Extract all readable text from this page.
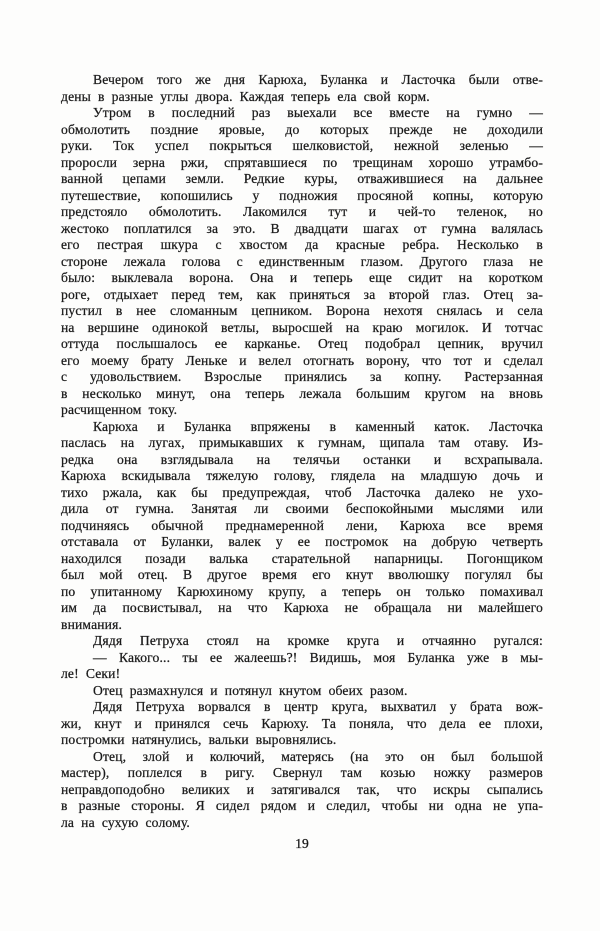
Вечером того же дня Карюха, Буланка и Ласточка были отве-
дены в разные углы двора. Каждая теперь ела свой корм.
Утром в последний раз выехали все вместе на гумно —
обмолотить поздние яровые, до которых прежде не доходили
руки. Ток успел покрыться шелковистой, нежной зеленью —
проросли зерна ржи, спрятавшиеся по трещинам хорошо утрамбо-
ванной цепами земли. Редкие куры, отважившиеся на дальнее
путешествие, копошились у подножия просяной копны, которую
предстояло обмолотить. Лакомился тут и чей-то теленок, но
жестоко поплатился за это. В двадцати шагах от гумна валялась
его пестрая шкура с хвостом да красные ребра. Несколько в
стороне лежала голова с единственным глазом. Другого глаза не
было: выклевала ворона. Она и теперь еще сидит на коротком
роге, отдыхает перед тем, как приняться за второй глаз. Отец за-
пустил в нее сломанным цепником. Ворона нехотя снялась и села
на вершине одинокой ветлы, выросшей на краю могилок. И тотчас
оттуда послышалось ее карканье. Отец подобрал цепник, вручил
его моему брату Леньке и велел отогнать ворону, что тот и сделал
с удовольствием. Взрослые принялись за копну. Растерзанная
в несколько минут, она теперь лежала большим кругом на вновь
расчищенном току.
Карюха и Буланка впряжены в каменный каток. Ласточка
паслась на лугах, примыкавших к гумнам, щипала там отаву. Из-
редка она взглядывала на телячьи останки и всхрапывала.
Карюха вскидывала тяжелую голову, глядела на младшую дочь и
тихо ржала, как бы предупреждая, чтоб Ласточка далеко не ухо-
дила от гумна. Занятая ли своими беспокойными мыслями или
подчиняясь обычной преднамеренной лени, Карюха все время
отставала от Буланки, валек у ее постромок на добрую четверть
находился позади валька старательной напарницы. Погонщиком
был мой отец. В другое время его кнут вволюшку погулял бы
по упитанному Карюхиному крупу, а теперь он только помахивал
им да посвистывал, на что Карюха не обращала ни малейшего
внимания.
Дядя Петруха стоял на кромке круга и отчаянно ругался:
— Какого... ты ее жалеешь?! Видишь, моя Буланка уже в мы-
ле! Секи!
Отец размахнулся и потянул кнутом обеих разом.
Дядя Петруха ворвался в центр круга, выхватил у брата вож-
жи, кнут и принялся сечь Карюху. Та поняла, что дела ее плохи,
постромки натянулись, вальки выровнялись.
Отец, злой и колючий, матерясь (на это он был большой
мастер), поплелся в ригу. Свернул там козью ножку размеров
неправдоподобно великих и затягивался так, что искры сыпались
в разные стороны. Я сидел рядом и следил, чтобы ни одна не упа-
ла на сухую солому.
19
